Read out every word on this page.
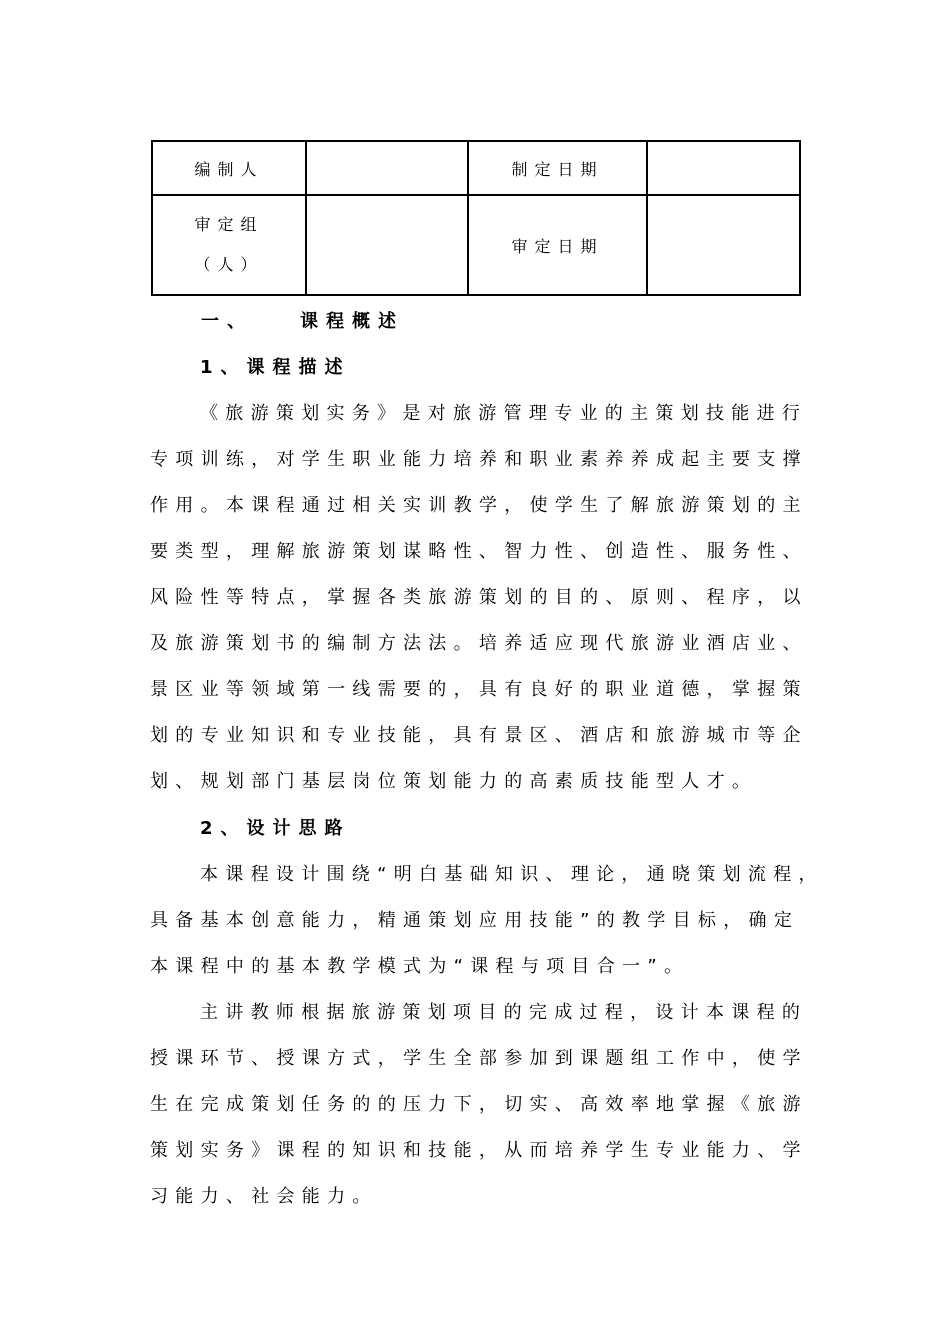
编制人		制定日期	

审定组
（人）		审定日期	
一、	课程概述
1、课程描述
《旅游策划实务》是对旅游管理专业的主策划技能进行
专项训练，对学生职业能力培养和职业素养养成起主要支撑
作用。本课程通过相关实训教学，使学生了解旅游策划的主
要类型，理解旅游策划谋略性、智力性、创造性、服务性、
风险性等特点，掌握各类旅游策划的目的、原则、程序，以
及旅游策划书的编制方法法。培养适应现代旅游业酒店业、
景区业等领域第一线需要的，具有良好的职业道德，掌握策
划的专业知识和专业技能，具有景区、酒店和旅游城市等企
划、规划部门基层岗位策划能力的高素质技能型人才。
2、设计思路
本课程设计围绕“明白基础知识、理论，通晓策划流程，
具备基本创意能力，精通策划应用技能”的教学目标，确定
本课程中的基本教学模式为“课程与项目合一”。
主讲教师根据旅游策划项目的完成过程，设计本课程的
授课环节、授课方式，学生全部参加到课题组工作中，使学
生在完成策划任务的的压力下，切实、高效率地掌握《旅游
策划实务》课程的知识和技能，从而培养学生专业能力、学
习能力、社会能力。
